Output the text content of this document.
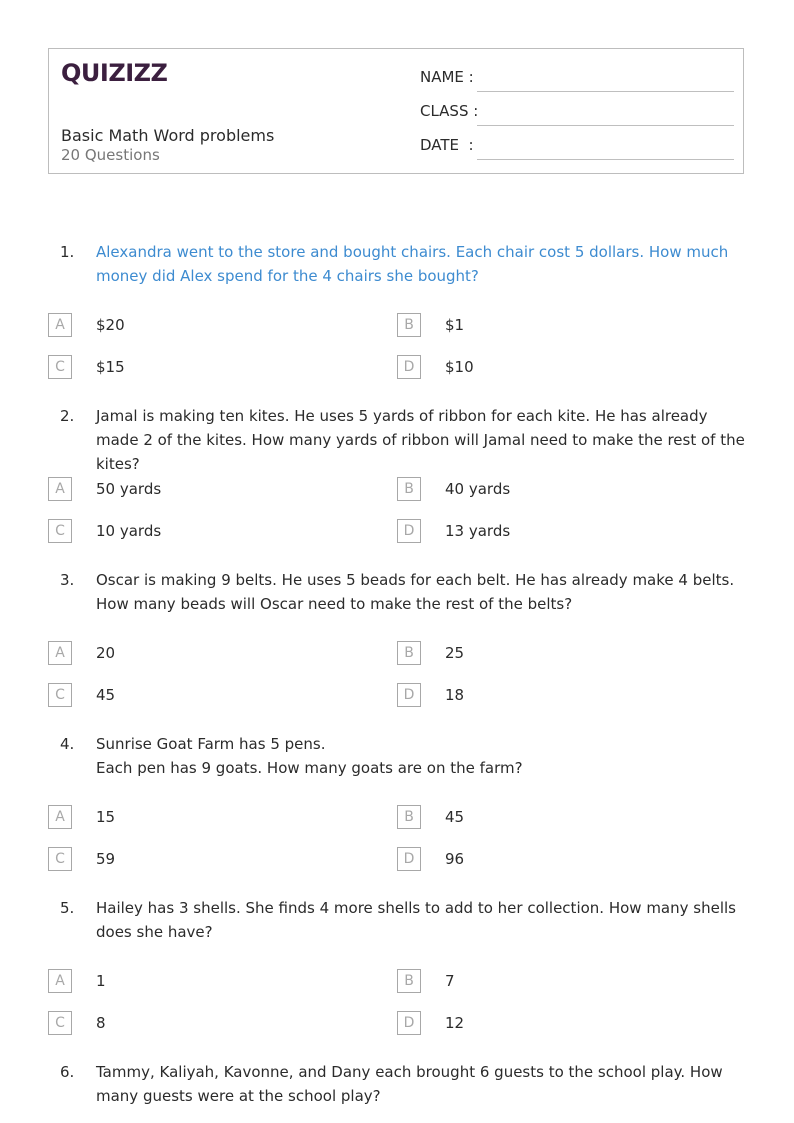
QUIZIZZ
Basic Math Word problems
20 Questions
NAME :
CLASS :
DATE  :
1. Alexandra went to the store and bought chairs. Each chair cost 5 dollars. How much money did Alex spend for the 4 chairs she bought?
A	$20	B	$1
C	$15	D	$10
2. Jamal is making ten kites. He uses 5 yards of ribbon for each kite. He has already made 2 of the kites. How many yards of ribbon will Jamal need to make the rest of the kites?
A	50 yards	B	40 yards
C	10 yards	D	13 yards
3. Oscar is making 9 belts. He uses 5 beads for each belt. He has already make 4 belts. How many beads will Oscar need to make the rest of the belts?
A	20	B	25
C	45	D	18
4. Sunrise Goat Farm has 5 pens.
Each pen has 9 goats. How many goats are on the farm?
A	15	B	45
C	59	D	96
5. Hailey has 3 shells. She finds 4 more shells to add to her collection. How many shells does she have?
A	1	B	7
C	8	D	12
6. Tammy, Kaliyah, Kavonne, and Dany each brought 6 guests to the school play. How many guests were at the school play?
